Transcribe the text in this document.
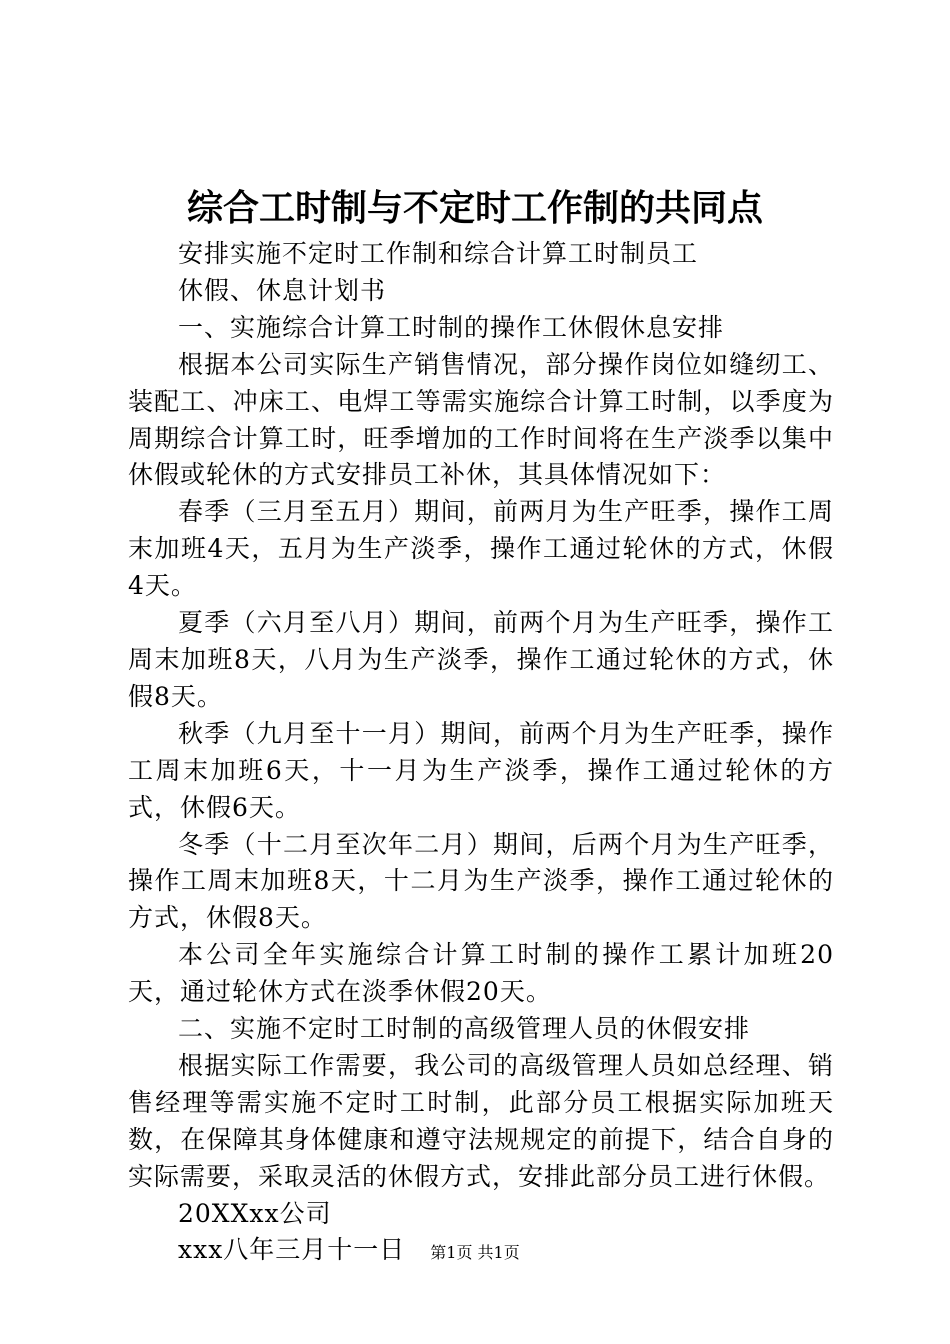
综合工时制与不定时工作制的共同点

安排实施不定时工作制和综合计算工时制员工

休假、休息计划书

一、实施综合计算工时制的操作工休假休息安排

根据本公司实际生产销售情况，部分操作岗位如缝纫工、装配工、冲床工、电焊工等需实施综合计算工时制，以季度为周期综合计算工时，旺季增加的工作时间将在生产淡季以集中休假或轮休的方式安排员工补休，其具体情况如下：

春季（三月至五月）期间，前两月为生产旺季，操作工周末加班4天，五月为生产淡季，操作工通过轮休的方式，休假4天。

夏季（六月至八月）期间，前两个月为生产旺季，操作工周末加班8天，八月为生产淡季，操作工通过轮休的方式，休假8天。

秋季（九月至十一月）期间，前两个月为生产旺季，操作工周末加班6天，十一月为生产淡季，操作工通过轮休的方式，休假6天。

冬季（十二月至次年二月）期间，后两个月为生产旺季，操作工周末加班8天，十二月为生产淡季，操作工通过轮休的方式，休假8天。

本公司全年实施综合计算工时制的操作工累计加班20天，通过轮休方式在淡季休假20天。

二、实施不定时工时制的高级管理人员的休假安排

根据实际工作需要，我公司的高级管理人员如总经理、销售经理等需实施不定时工时制，此部分员工根据实际加班天数，在保障其身体健康和遵守法规规定的前提下，结合自身的实际需要，采取灵活的休假方式，安排此部分员工进行休假。

20XXxx公司

xxx八年三月十一日	第1页 共1页
